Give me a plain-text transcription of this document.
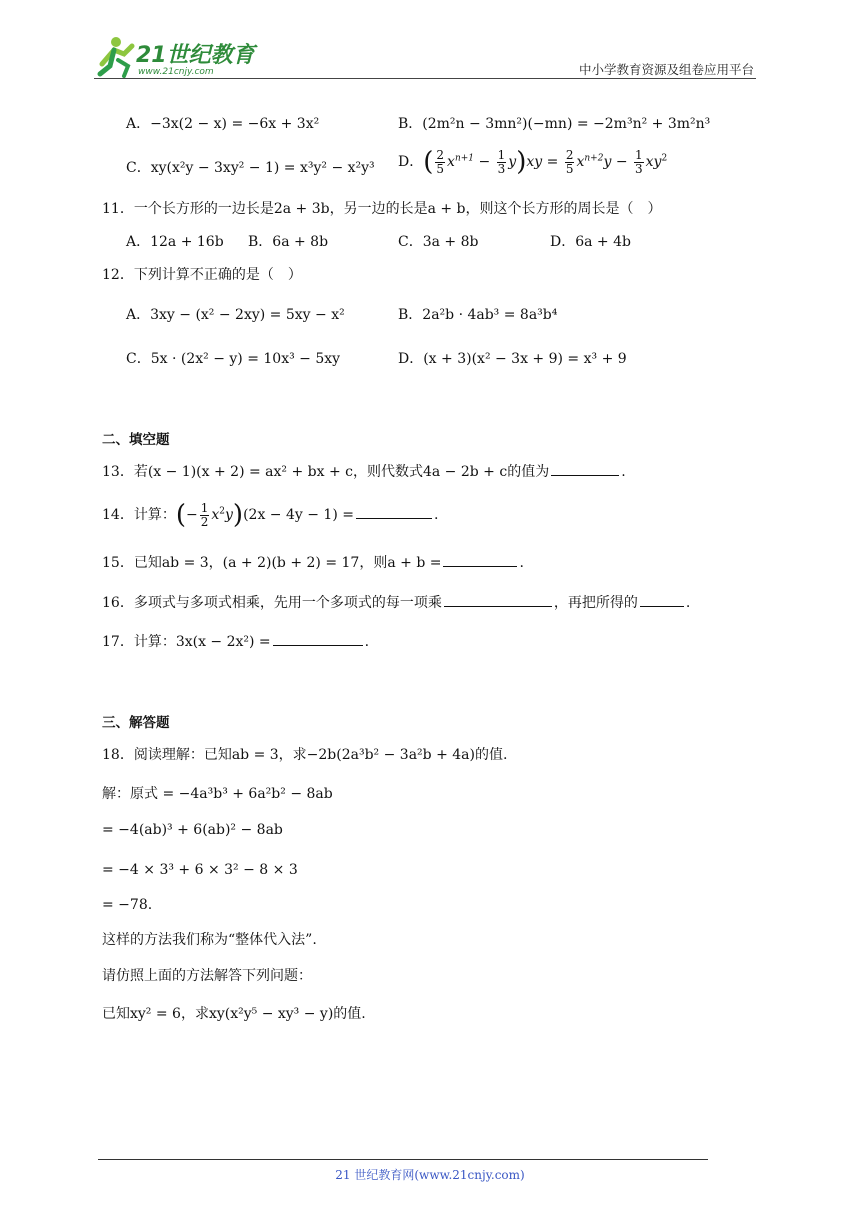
21世纪教育
www.21cnjy.com	中小学教育资源及组卷应用平台
A．−3x(2 − x) = −6x + 3x²	B．(2m²n − 3mn²)(−mn) = −2m³n² + 3m²n³
C．xy(x²y − 3xy² − 1) = x³y² − x²y³ D．( $\frac{2}{5} x^{n+1} - \frac{1}{3} y)xy = \frac{2}{5} x^{n+2}y - \frac{1}{3} xy^2$
11．一个长方形的一边长是2a + 3b，另一边的长是a + b，则这个长方形的周长是（　）
A．12a + 16b B．6a + 8b	C．3a + 8b	D．6a + 4b
12．下列计算不正确的是（　）
A．3xy − (x² − 2xy) = 5xy − x²	B．2a²b · 4ab³ = 8a³b⁴
C．5x · (2x² − y) = 10x³ − 5xy	D．(x + 3)(x² − 3x + 9) = x³ + 9
二、填空题
13．若(x − 1)(x + 2) = ax² + bx + c，则代数式4a − 2b + c的值为	.
14．计算：(− $\frac{1}{2} x^2y)(2x - 4y - 1)$ =	.
15．已知ab = 3，(a + 2)(b + 2) = 17，则a + b =	.
16．多项式与多项式相乘，先用一个多项式的每一项乘	，再把所得的	.
17．计算：3x(x − 2x²) =	.
三、解答题
18．阅读理解：已知ab = 3，求−2b(2a³b² − 3a²b + 4a)的值.
解：原式 = −4a³b³ + 6a²b² − 8ab
= −4(ab)³ + 6(ab)² − 8ab
= −4 × 3³ + 6 × 3² − 8 × 3
= −78.
这样的方法我们称为“整体代入法”.
请仿照上面的方法解答下列问题：
已知xy² = 6，求xy(x²y⁵ − xy³ − y)的值.
21 世纪教育网(www.21cnjy.com)
